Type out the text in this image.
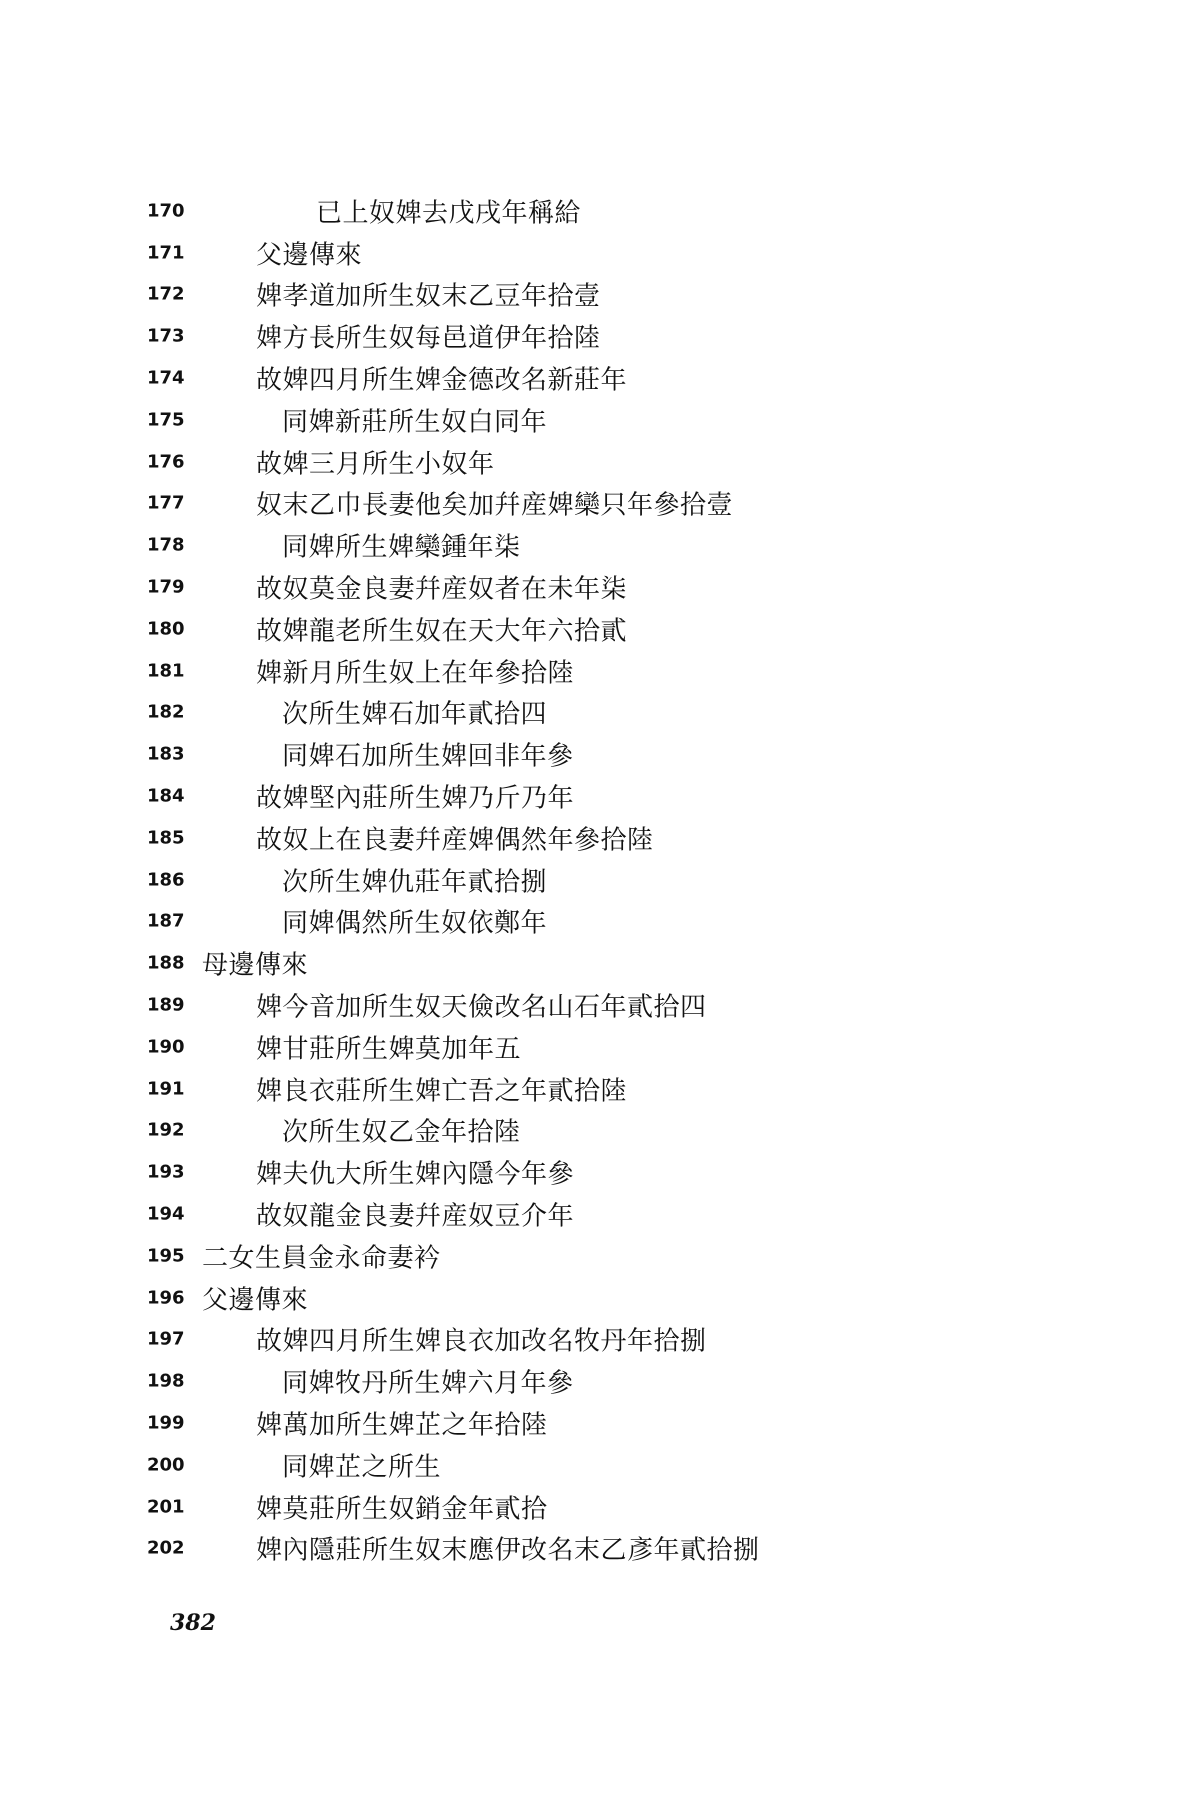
170	已上奴婢去戊戌年稱給
171	父邊傳來
172	婢孝道加所生奴末乙豆年拾壹
173	婢方長所生奴每邑道伊年拾陸
174	故婢四月所生婢金德改名新莊年
175	同婢新莊所生奴白同年
176	故婢三月所生小奴年
177	奴末乙巾長妻他矣加幷産婢欒只年參拾壹
178	同婢所生婢欒鍾年柒
179	故奴莫金良妻幷産奴者在未年柒
180	故婢龍老所生奴在天大年六拾貳
181	婢新月所生奴上在年參拾陸
182	次所生婢石加年貳拾四
183	同婢石加所生婢回非年參
184	故婢堅內莊所生婢乃斤乃年
185	故奴上在良妻幷産婢偶然年參拾陸
186	次所生婢仇莊年貳拾捌
187	同婢偶然所生奴依鄭年
188 母邊傳來
189	婢今音加所生奴天儉改名山石年貳拾四
190	婢甘莊所生婢莫加年五
191	婢良衣莊所生婢亡吾之年貳拾陸
192	次所生奴乙金年拾陸
193	婢夫仇大所生婢內隱今年參
194	故奴龍金良妻幷産奴豆介年
195 二女生員金永命妻衿
196 父邊傳來
197	故婢四月所生婢良衣加改名牧丹年拾捌
198	同婢牧丹所生婢六月年參
199	婢萬加所生婢芷之年拾陸
200	同婢芷之所生
201	婢莫莊所生奴銷金年貳拾
202	婢內隱莊所生奴末應伊改名末乙彥年貳拾捌
382
